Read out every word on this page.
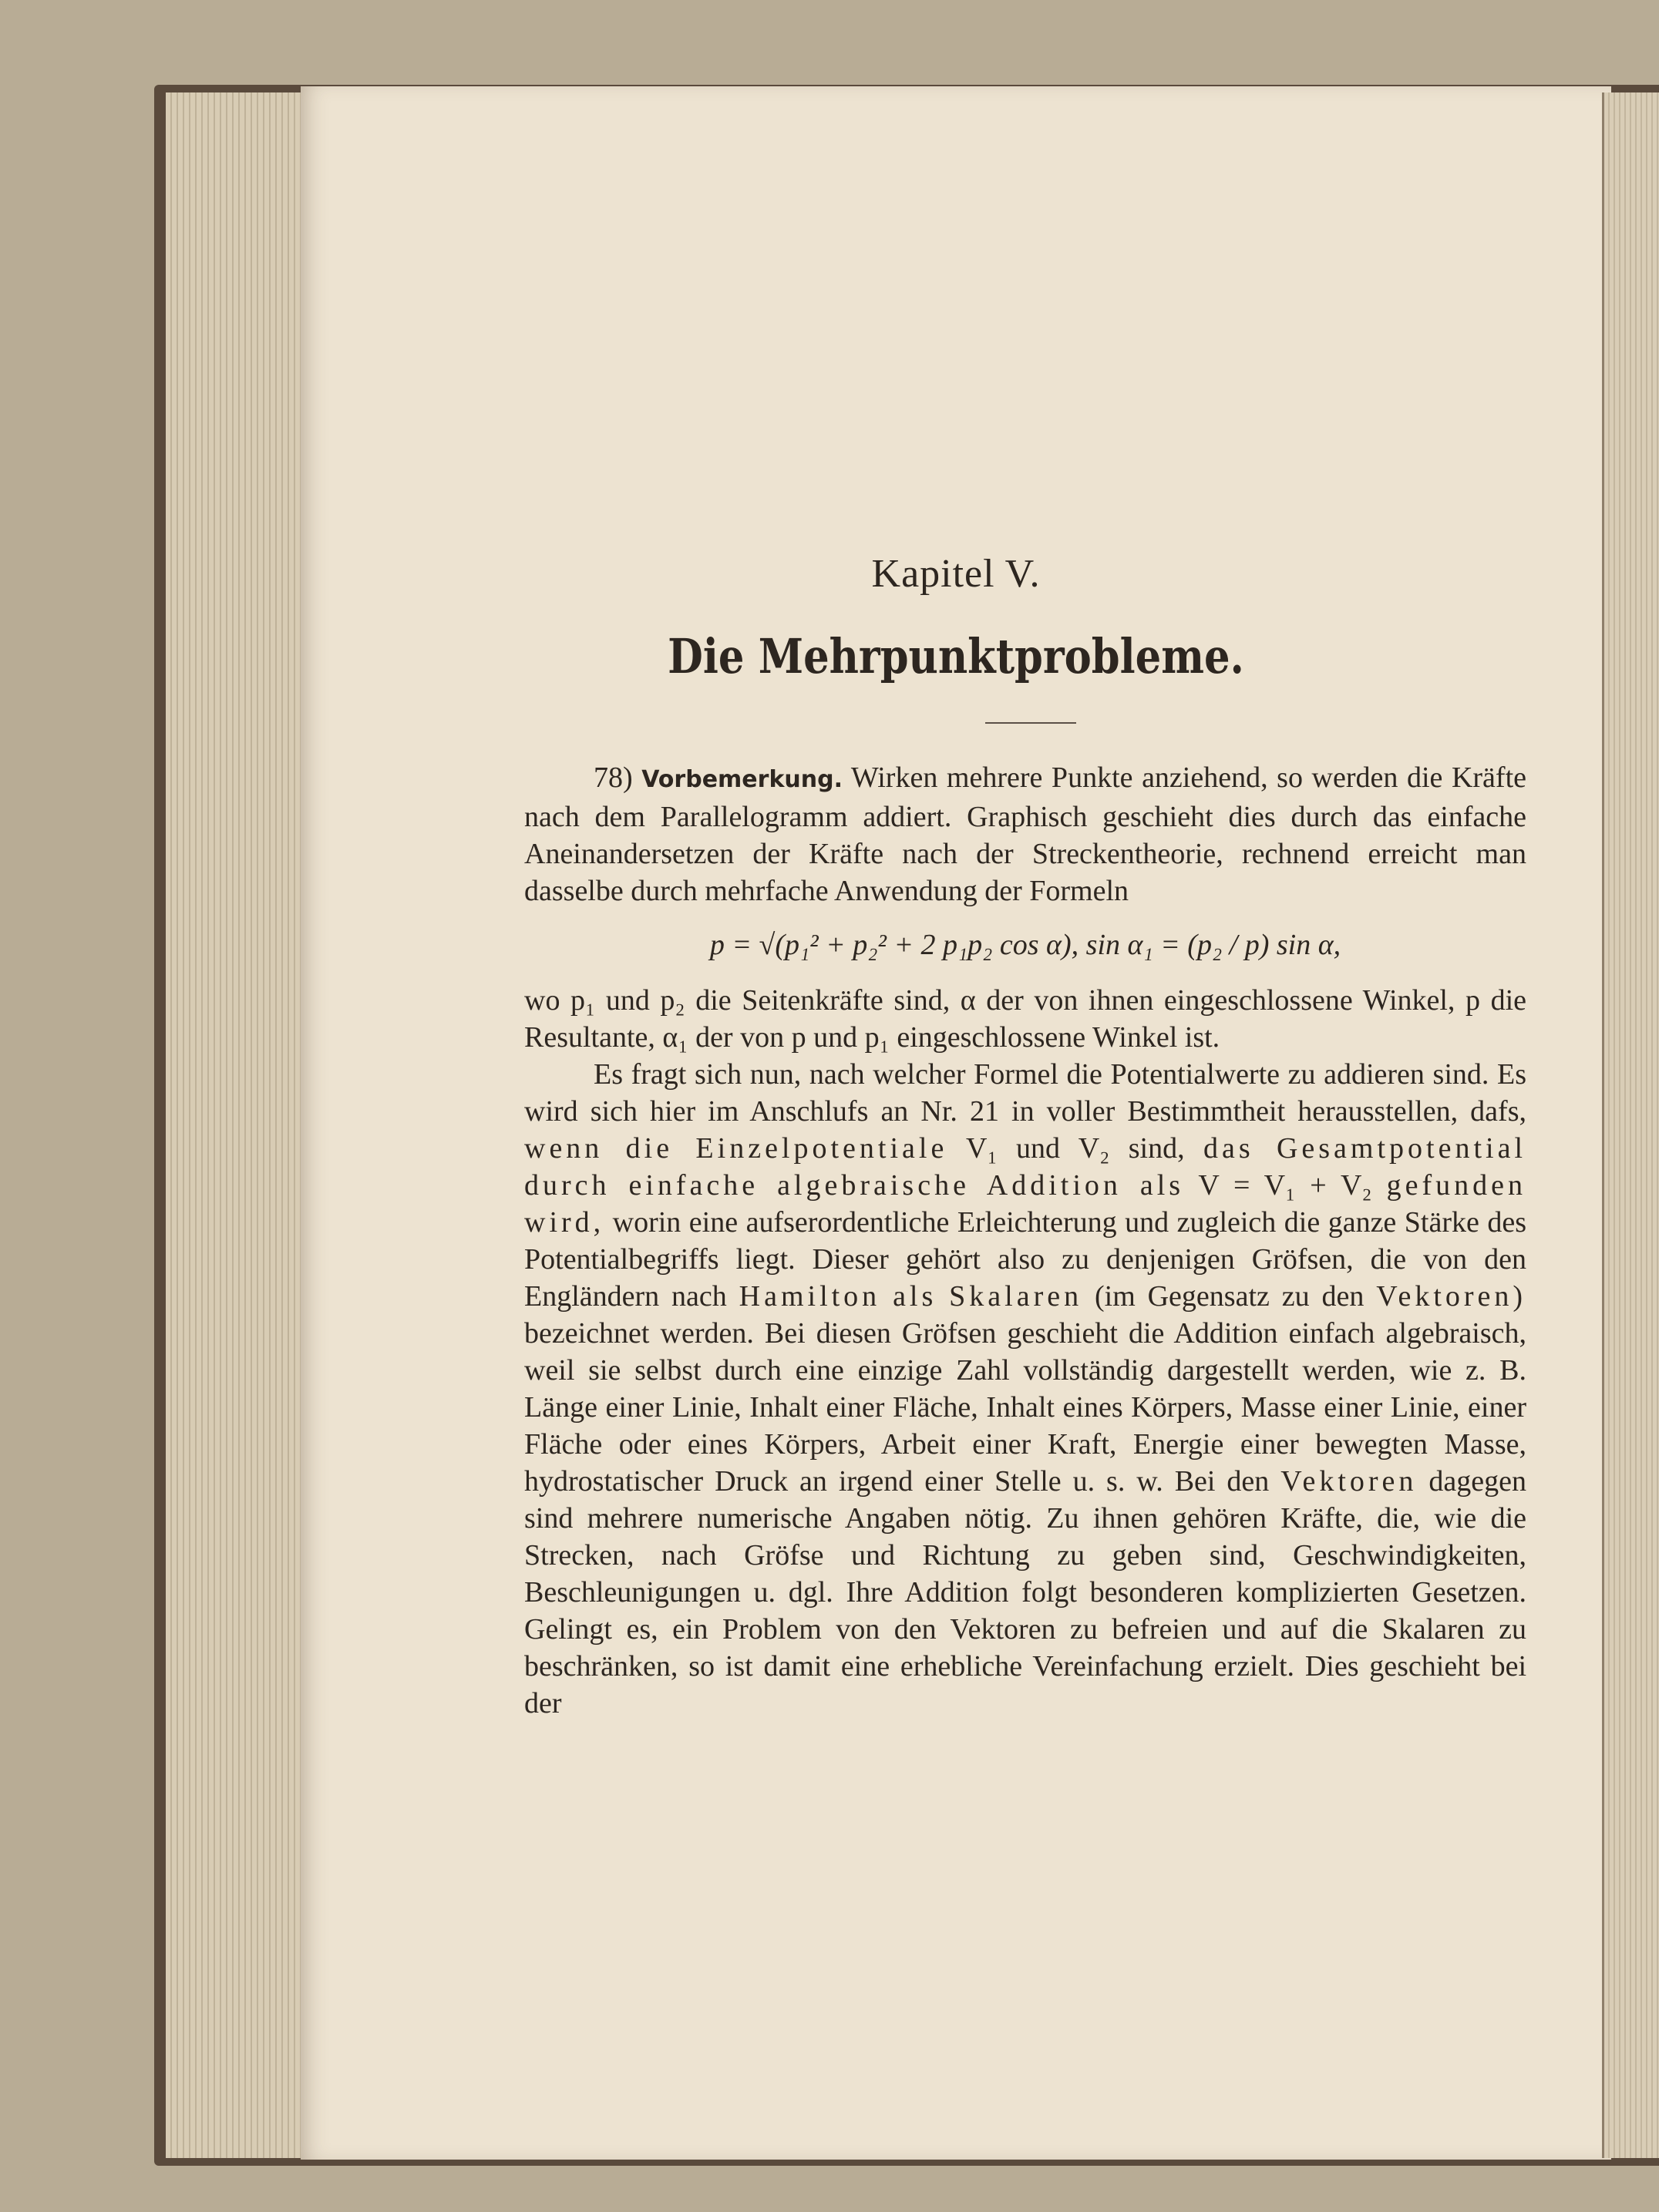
Kapitel V.
Die Mehrpunktprobleme.

78) Vorbemerkung. Wirken mehrere Punkte anziehend, so werden die Kräfte nach dem Parallelogramm addiert. Graphisch geschieht dies durch das einfache Aneinandersetzen der Kräfte nach der Streckentheorie, rechnend erreicht man dasselbe durch mehrfache Anwendung der Formeln

p = √(p₁² + p₂² + 2 p₁p₂ cos α), sin α₁ = (p₂ / p) sin α,

wo p₁ und p₂ die Seitenkräfte sind, α der von ihnen eingeschlossene Winkel, p die Resultante, α₁ der von p und p₁ eingeschlossene Winkel ist.

Es fragt sich nun, nach welcher Formel die Potentialwerte zu addieren sind. Es wird sich hier im Anschlufs an Nr. 21 in voller Bestimmtheit herausstellen, dafs, wenn die Einzelpotentiale V₁ und V₂ sind, das Gesamtpotential durch einfache algebraische Addition als V = V₁ + V₂ gefunden wird, worin eine aufserordentliche Erleichterung und zugleich die ganze Stärke des Potentialbegriffs liegt. Dieser gehört also zu denjenigen Gröfsen, die von den Engländern nach Hamilton als Skalaren (im Gegensatz zu den Vektoren) bezeichnet werden. Bei diesen Gröfsen geschieht die Addition einfach algebraisch, weil sie selbst durch eine einzige Zahl vollständig dargestellt werden, wie z. B. Länge einer Linie, Inhalt einer Fläche, Inhalt eines Körpers, Masse einer Linie, einer Fläche oder eines Körpers, Arbeit einer Kraft, Energie einer bewegten Masse, hydrostatischer Druck an irgend einer Stelle u. s. w. Bei den Vektoren dagegen sind mehrere numerische Angaben nötig. Zu ihnen gehören Kräfte, die, wie die Strecken, nach Gröfse und Richtung zu geben sind, Geschwindigkeiten, Beschleunigungen u. dgl. Ihre Addition folgt besonderen komplizierten Gesetzen. Gelingt es, ein Problem von den Vektoren zu befreien und auf die Skalaren zu beschränken, so ist damit eine erhebliche Vereinfachung erzielt. Dies geschieht bei der
